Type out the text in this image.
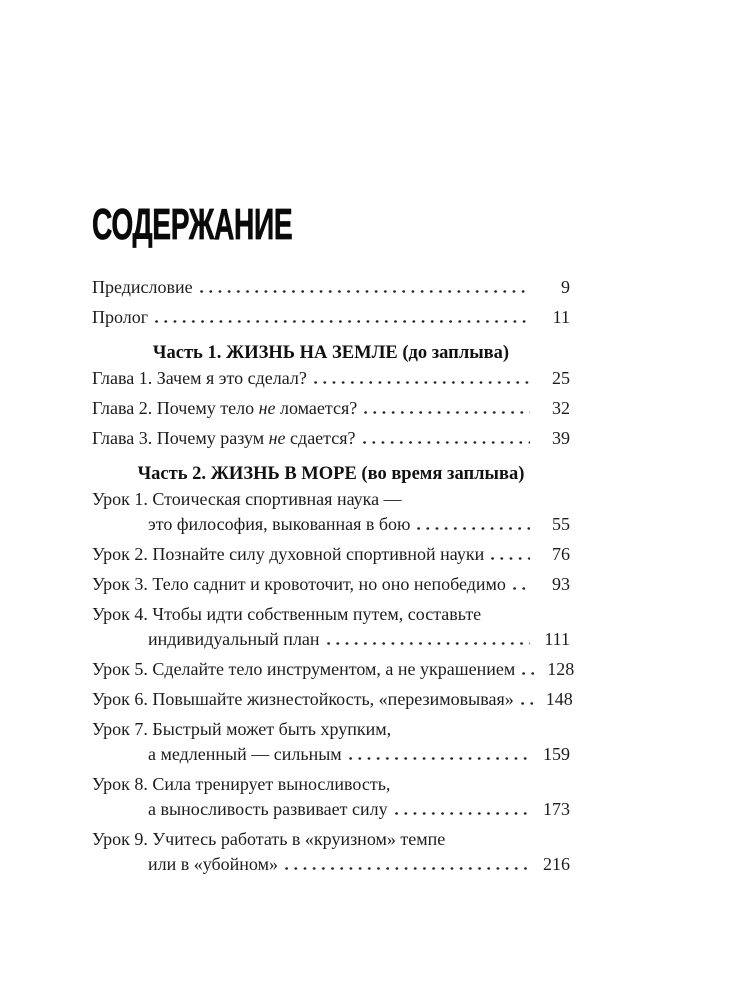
СОДЕРЖАНИЕ
Предисловие	9
Пролог	11
Часть 1. ЖИЗНЬ НА ЗЕМЛЕ (до заплыва)
Глава 1. Зачем я это сделал?	25
Глава 2. Почему тело не ломается?	32
Глава 3. Почему разум не сдается?	39
Часть 2. ЖИЗНЬ В МОРЕ (во время заплыва)
Урок 1. Стоическая спортивная наука —
это философия, выкованная в бою	55
Урок 2. Познайте силу духовной спортивной науки	76
Урок 3. Тело саднит и кровоточит, но оно непобедимо	93
Урок 4. Чтобы идти собственным путем, составьте
индивидуальный план	111
Урок 5. Сделайте тело инструментом, а не украшением	128
Урок 6. Повышайте жизнестойкость, «перезимовывая»	148
Урок 7. Быстрый может быть хрупким,
а медленный — сильным	159
Урок 8. Сила тренирует выносливость,
а выносливость развивает силу	173
Урок 9. Учитесь работать в «круизном» темпе
или в «убойном»	216
